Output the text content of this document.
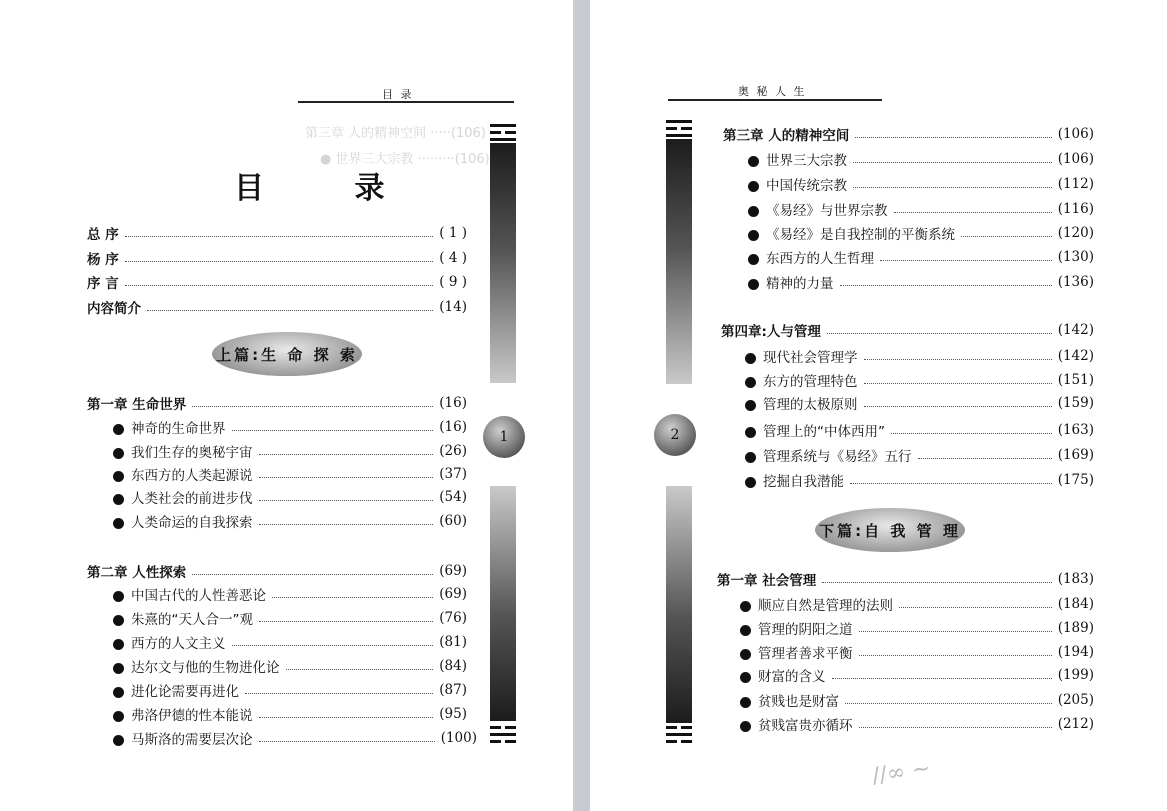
目 录
第三章 人的精神空间 ·····(106)
● 世界三大宗教 ·········(106)
目 录
总 序	( 1 )
杨 序	( 4 )
序 言	( 9 )
内容简介	(14)
上篇:生 命 探 索
第一章 生命世界	(16)
神奇的生命世界	(16)
我们生存的奥秘宇宙	(26)
东西方的人类起源说	(37)
人类社会的前进步伐	(54)
人类命运的自我探索	(60)
第二章 人性探索	(69)
中国古代的人性善恶论	(69)
朱熹的“天人合一”观	(76)
西方的人文主义	(81)
达尔文与他的生物进化论	(84)
进化论需要再进化	(87)
弗洛伊德的性本能说	(95)
马斯洛的需要层次论	(100)
1
奥 秘 人 生
2
第三章 人的精神空间	(106)
世界三大宗教	(106)
中国传统宗教	(112)
《易经》与世界宗教	(116)
《易经》是自我控制的平衡系统	(120)
东西方的人生哲理	(130)
精神的力量	(136)
第四章:人与管理	(142)
现代社会管理学	(142)
东方的管理特色	(151)
管理的太极原则	(159)
管理上的“中体西用”	(163)
管理系统与《易经》五行	(169)
挖掘自我潜能	(175)
下篇:自 我 管 理
第一章 社会管理	(183)
顺应自然是管理的法则	(184)
管理的阴阳之道	(189)
管理者善求平衡	(194)
财富的含义	(199)
贫贱也是财富	(205)
贫贱富贵亦循环	(212)
∕∕∞ ~
